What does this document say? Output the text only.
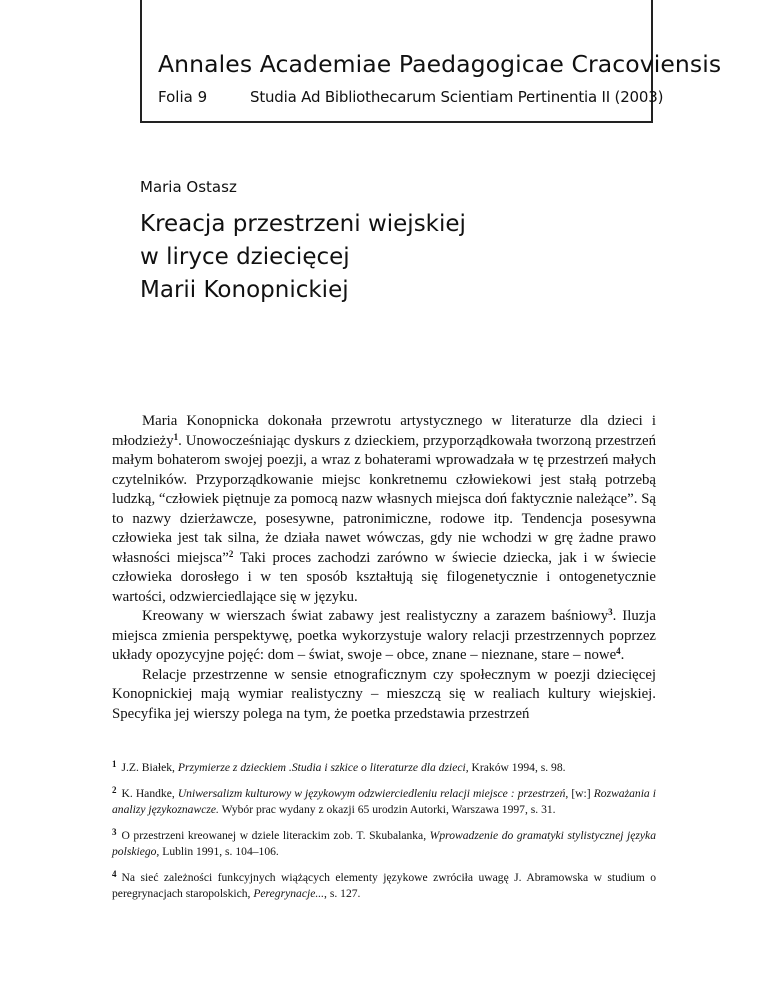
Annales Academiae Paedagogicae Cracoviensis
Folia 9	Studia Ad Bibliothecarum Scientiam Pertinentia II (2003)
Maria Ostasz
Kreacja przestrzeni wiejskiej
w liryce dziecięcej
Marii Konopnickiej

Maria Konopnicka dokonała przewrotu artystycznego w literaturze dla dzieci i młodzieży$^1$. Unowocześniając dyskurs z dzieckiem, przyporządkowała tworzoną przestrzeń małym bohaterom swojej poezji, a wraz z bohaterami wprowadzała w tę przestrzeń małych czytelników. Przyporządkowanie miejsc konkretnemu człowiekowi jest stałą potrzebą ludzką, “człowiek piętnuje za pomocą nazw własnych miejsca doń faktycznie należące”. Są to nazwy dzierżawcze, posesywne, patronimiczne, rodowe itp. Tendencja posesywna człowieka jest tak silna, że działa nawet wówczas, gdy nie wchodzi w grę żadne prawo własności miejsca”$^2$ Taki proces zachodzi zarówno w świecie dziecka, jak i w świecie człowieka dorosłego i w ten sposób kształtują się filogenetycznie i ontogenetycznie wartości, odzwierciedlające się w języku.

Kreowany w wierszach świat zabawy jest realistyczny a zarazem baśniowy$^3$. Iluzja miejsca zmienia perspektywę, poetka wykorzystuje walory relacji przestrzennych poprzez układy opozycyjne pojęć: dom – świat, swoje – obce, znane – nieznane, stare – nowe$^4$.

Relacje przestrzenne w sensie etnograficznym czy społecznym w poezji dziecięcej Konopnickiej mają wymiar realistyczny – mieszczą się w realiach kultury wiejskiej. Specyfika jej wierszy polega na tym, że poetka przedstawia przestrzeń

$^1$ J.Z. Białek, Przymierze z dzieckiem .Studia i szkice o literaturze dla dzieci, Kraków 1994, s. 98.
$^2$ K. Handke, Uniwersalizm kulturowy w językowym odzwierciedleniu relacji miejsce : przestrzeń, [w:] Rozważania i analizy językoznawcze. Wybór prac wydany z okazji 65 urodzin Autorki, Warszawa 1997, s. 31.
$^3$ O przestrzeni kreowanej w dziele literackim zob. T. Skubalanka, Wprowadzenie do gramatyki stylistycznej języka polskiego, Lublin 1991, s. 104–106.
$^4$ Na sieć zależności funkcyjnych wiążących elementy językowe zwróciła uwagę J. Abramowska w studium o peregrynacjach staropolskich, Peregrynacje..., s. 127.
